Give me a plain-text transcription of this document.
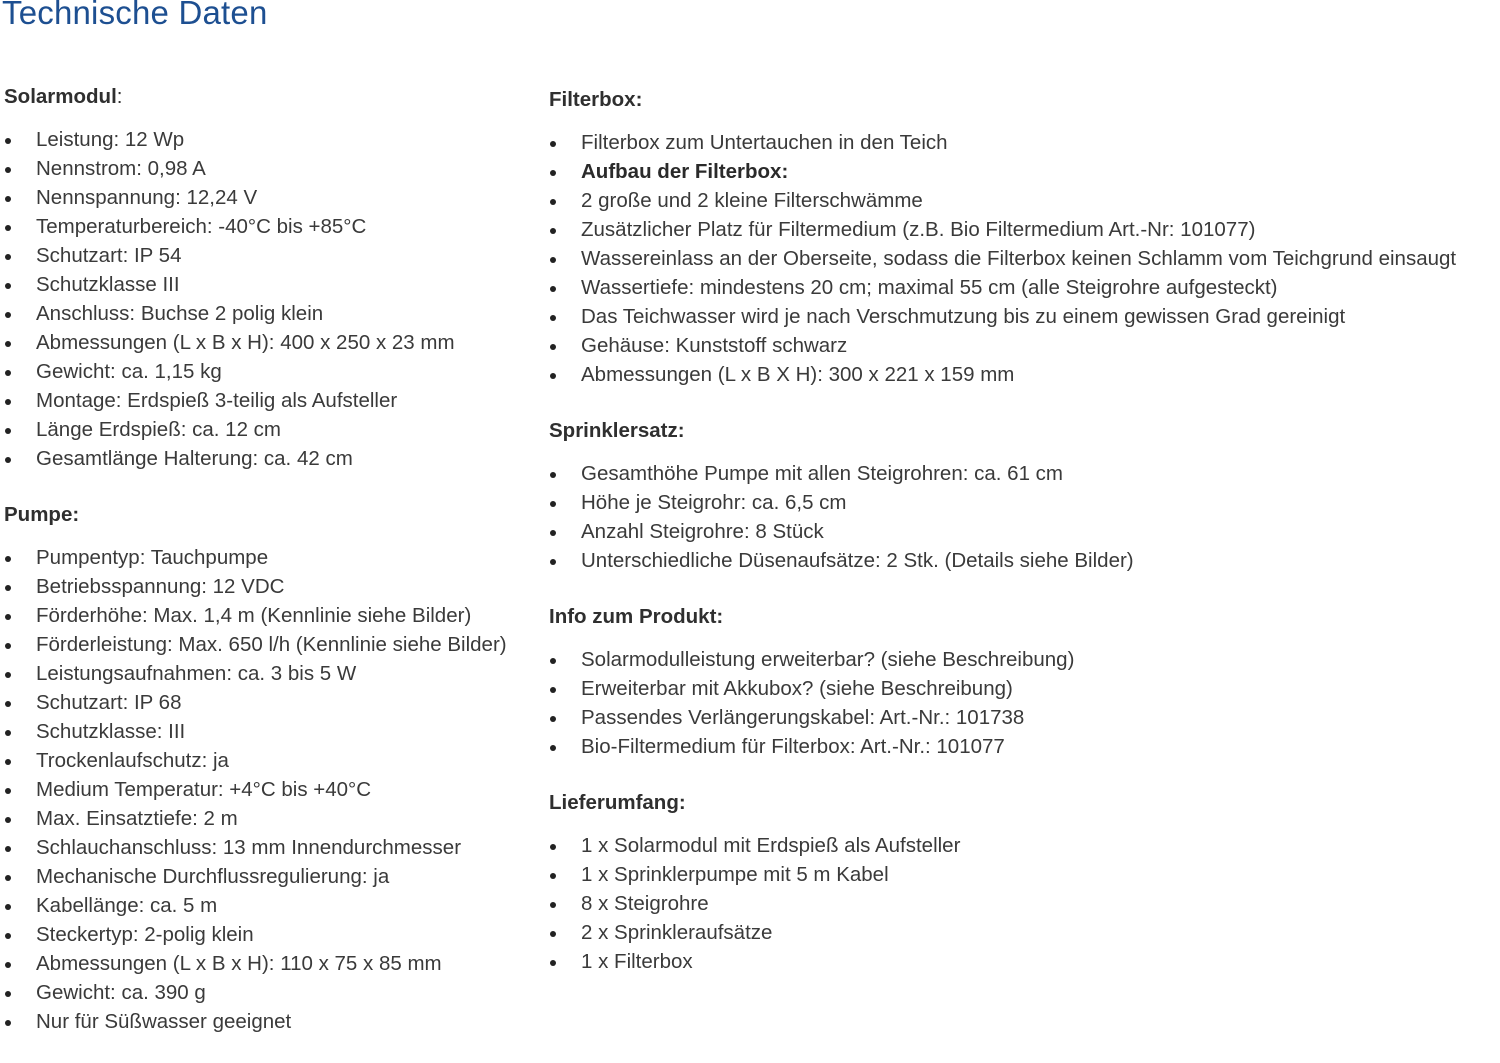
Technische Daten
Solarmodul:
Leistung: 12 Wp
Nennstrom: 0,98 A
Nennspannung: 12,24 V
Temperaturbereich: -40°C bis +85°C
Schutzart: IP 54
Schutzklasse III
Anschluss: Buchse 2 polig klein
Abmessungen (L x B x H): 400 x 250 x 23 mm
Gewicht: ca. 1,15 kg
Montage: Erdspieß 3-teilig als Aufsteller
Länge Erdspieß: ca. 12 cm
Gesamtlänge Halterung: ca. 42 cm
Pumpe:
Pumpentyp: Tauchpumpe
Betriebsspannung: 12 VDC
Förderhöhe: Max. 1,4 m (Kennlinie siehe Bilder)
Förderleistung: Max. 650 l/h (Kennlinie siehe Bilder)
Leistungsaufnahmen: ca. 3 bis 5 W
Schutzart: IP 68
Schutzklasse: III
Trockenlaufschutz: ja
Medium Temperatur: +4°C bis +40°C
Max. Einsatztiefe: 2 m
Schlauchanschluss: 13 mm Innendurchmesser
Mechanische Durchflussregulierung: ja
Kabellänge: ca. 5 m
Steckertyp: 2-polig klein
Abmessungen (L x B x H): 110 x 75 x 85 mm
Gewicht: ca. 390 g
Nur für Süßwasser geeignet
Filterbox:
Filterbox zum Untertauchen in den Teich
Aufbau der Filterbox:
2 große und 2 kleine Filterschwämme
Zusätzlicher Platz für Filtermedium (z.B. Bio Filtermedium Art.-Nr: 101077)
Wassereinlass an der Oberseite, sodass die Filterbox keinen Schlamm vom Teichgrund einsaugt
Wassertiefe: mindestens 20 cm; maximal 55 cm (alle Steigrohre aufgesteckt)
Das Teichwasser wird je nach Verschmutzung bis zu einem gewissen Grad gereinigt
Gehäuse: Kunststoff schwarz
Abmessungen (L x B X H): 300 x 221 x 159 mm
Sprinklersatz:
Gesamthöhe Pumpe mit allen Steigrohren: ca. 61 cm
Höhe je Steigrohr: ca. 6,5 cm
Anzahl Steigrohre: 8 Stück
Unterschiedliche Düsenaufsätze: 2 Stk. (Details siehe Bilder)
Info zum Produkt:
Solarmodulleistung erweiterbar? (siehe Beschreibung)
Erweiterbar mit Akkubox? (siehe Beschreibung)
Passendes Verlängerungskabel: Art.-Nr.: 101738
Bio-Filtermedium für Filterbox: Art.-Nr.: 101077
Lieferumfang:
1 x Solarmodul mit Erdspieß als Aufsteller
1 x Sprinklerpumpe mit 5 m Kabel
8 x Steigrohre
2 x Sprinkleraufsätze
1 x Filterbox
